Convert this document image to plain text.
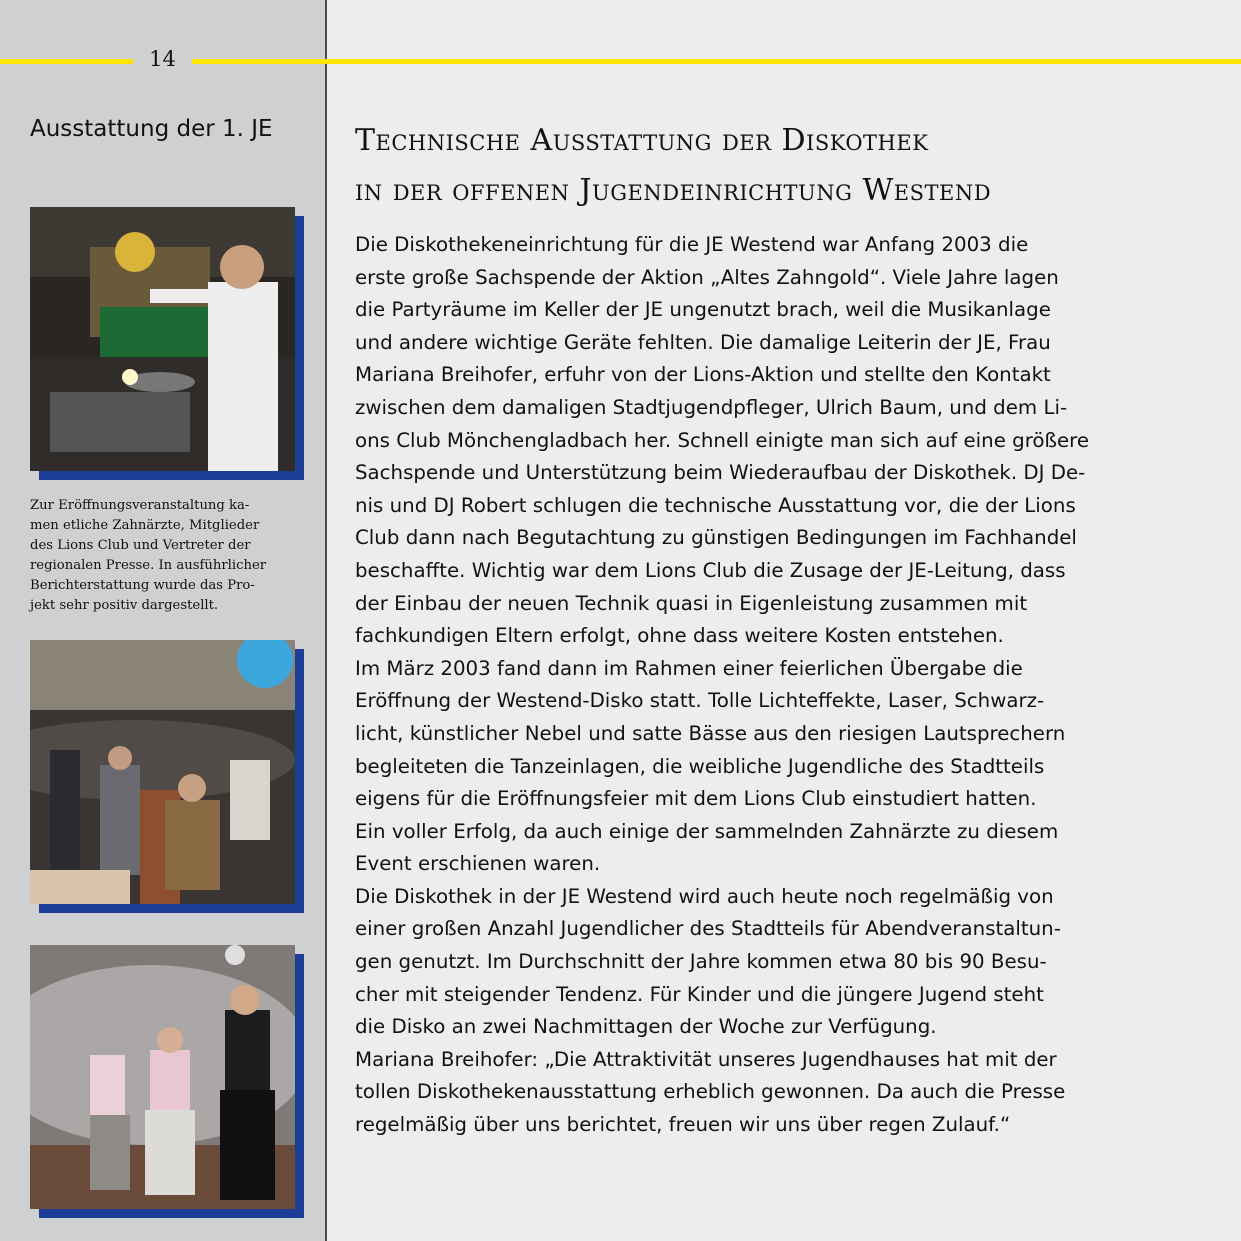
14
Ausstattung der 1. JE
Zur Eröffnungsveranstaltung ka-
men etliche Zahnärzte, Mitglieder
des Lions Club und Vertreter der
regionalen Presse. In ausführlicher
Berichterstattung wurde das Pro-
jekt sehr positiv dargestellt.
Technische Ausstattung der Diskothek
in der offenen Jugendeinrichtung Westend
Die Diskothekeneinrichtung für die JE Westend war Anfang 2003 die
erste große Sachspende der Aktion „Altes Zahngold“. Viele Jahre lagen
die Partyräume im Keller der JE ungenutzt brach, weil die Musikanlage
und andere wichtige Geräte fehlten. Die damalige Leiterin der JE, Frau
Mariana Breihofer, erfuhr von der Lions-Aktion und stellte den Kontakt
zwischen dem damaligen Stadtjugendpfleger, Ulrich Baum, und dem Li-
ons Club Mönchengladbach her. Schnell einigte man sich auf eine größere
Sachspende und Unterstützung beim Wiederaufbau der Diskothek. DJ De-
nis und DJ Robert schlugen die technische Ausstattung vor, die der Lions
Club dann nach Begutachtung zu günstigen Bedingungen im Fachhandel
beschaffte. Wichtig war dem Lions Club die Zusage der JE-Leitung, dass
der Einbau der neuen Technik quasi in Eigenleistung zusammen mit
fachkundigen Eltern erfolgt, ohne dass weitere Kosten entstehen.
Im März 2003 fand dann im Rahmen einer feierlichen Übergabe die
Eröffnung der Westend-Disko statt. Tolle Lichteffekte, Laser, Schwarz-
licht, künstlicher Nebel und satte Bässe aus den riesigen Lautsprechern
begleiteten die Tanzeinlagen, die weibliche Jugendliche des Stadtteils
eigens für die Eröffnungsfeier mit dem Lions Club einstudiert hatten.
Ein voller Erfolg, da auch einige der sammelnden Zahnärzte zu diesem
Event erschienen waren.
Die Diskothek in der JE Westend wird auch heute noch regelmäßig von
einer großen Anzahl Jugendlicher des Stadtteils für Abendveranstaltun-
gen genutzt. Im Durchschnitt der Jahre kommen etwa 80 bis 90 Besu-
cher mit steigender Tendenz. Für Kinder und die jüngere Jugend steht
die Disko an zwei Nachmittagen der Woche zur Verfügung.
Mariana Breihofer: „Die Attraktivität unseres Jugendhauses hat mit der
tollen Diskothekenausstattung erheblich gewonnen. Da auch die Presse
regelmäßig über uns berichtet, freuen wir uns über regen Zulauf.“
